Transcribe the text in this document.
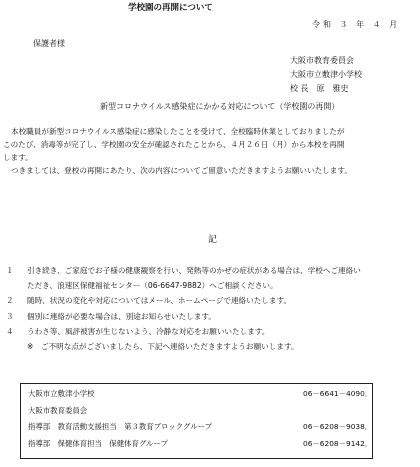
学校園の再開について
令和 ３ 年 ４ 月
保護者様
大阪市教育委員会
大阪市立敷津小学校
校 長　原　雅史
新型コロナウイルス感染症にかかる対応について（学校園の再開）
本校職員が新型コロナウイルス感染症に感染したことを受けて、全校臨時休業としておりましたが
このたび、消毒等が完了し、学校園の安全が確認されたことから、４月２６日（月）から本校を再開
します。
つきましては、登校の再開にあたり、次の内容についてご留意いただきますようお願いいたします。
記
１ 引き続き、ご家庭でお子様の健康観察を行い、発熱等のかぜの症状がある場合は、学校へご連絡い
ただき、浪速区保健福祉センター（06-6647-9882）へご相談ください。
２ 随時、状況の変化や対応についてはメール、ホームページで連絡いたします。
３ 個別に連絡が必要な場合は、別途お知らせいたします。
４ うわさ等、風評被害が生じないよう、冷静な対応をお願いいたします。
※　ご不明な点がございましたら、下記へ連絡いただきますようお願いします。
大阪市立敷津小学校	06－6641－4090．
大阪市教育委員会
指導部　教育活動支援担当　第３教育ブロックグループ	06－6208－9038．
指導部　保健体育担当　保健体育グループ	06－6208－9142．
